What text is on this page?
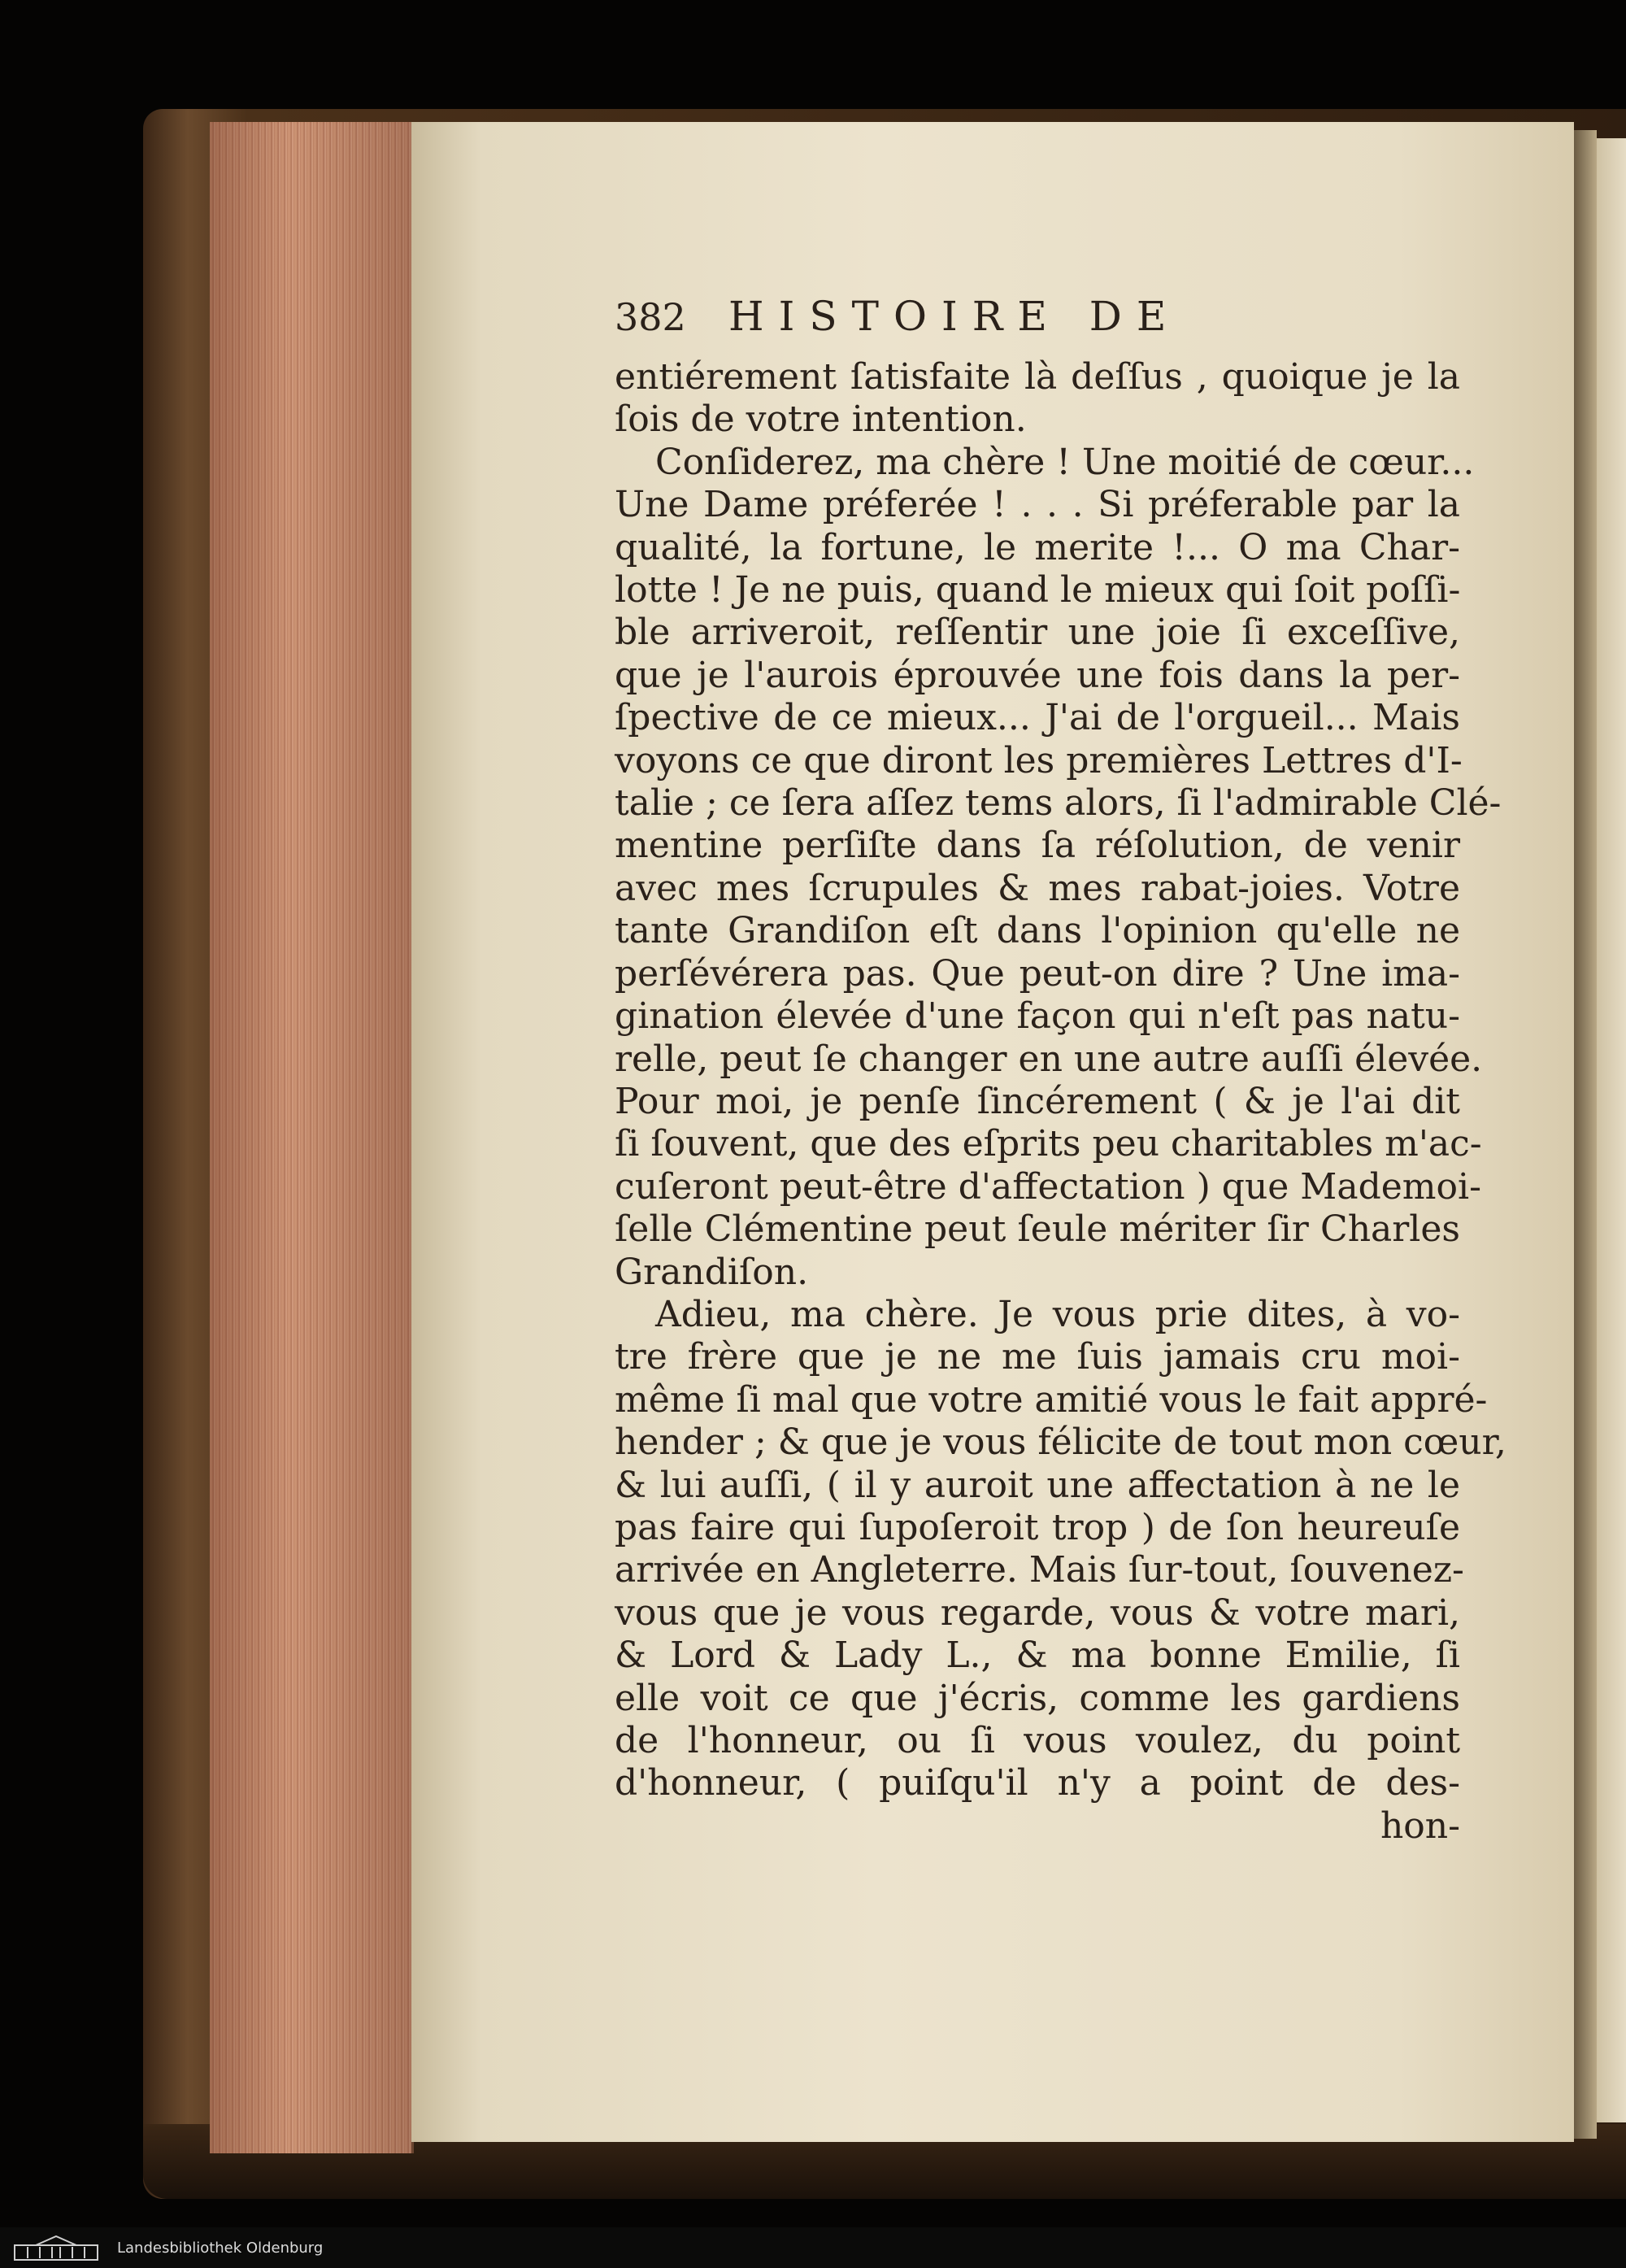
382	HISTOIRE DE
entiérement ſatisfaite là deſſus , quoique je la
ſois de votre intention.
Conſiderez, ma chère ! Une moitié de cœur...
Une Dame préferée ! . . . Si préferable par la
qualité, la fortune, le merite !... O ma Char-
lotte ! Je ne puis, quand le mieux qui ſoit poſſi-
ble arriveroit, reſſentir une joie ſi exceſſive,
que je l'aurois éprouvée une fois dans la per-
ſpective de ce mieux... J'ai de l'orgueil... Mais
voyons ce que diront les premières Lettres d'I-
talie ; ce ſera aſſez tems alors, ſi l'admirable Clé-
mentine perſiſte dans ſa réſolution, de venir
avec mes ſcrupules & mes rabat-joies. Votre
tante Grandiſon eſt dans l'opinion qu'elle ne
perſévérera pas. Que peut-on dire ? Une ima-
gination élevée d'une façon qui n'eſt pas natu-
relle, peut ſe changer en une autre auſſi élevée.
Pour moi, je penſe ſincérement ( & je l'ai dit
ſi ſouvent, que des eſprits peu charitables m'ac-
cuſeront peut-être d'affectation ) que Mademoi-
ſelle Clémentine peut ſeule mériter ſir Charles
Grandiſon.
Adieu, ma chère. Je vous prie dites, à vo-
tre frère que je ne me ſuis jamais cru moi-
même ſi mal que votre amitié vous le fait appré-
hender ; & que je vous félicite de tout mon cœur,
& lui auſſi, ( il y auroit une affectation à ne le
pas faire qui ſupoſeroit trop ) de ſon heureuſe
arrivée en Angleterre. Mais ſur-tout, ſouvenez-
vous que je vous regarde, vous & votre mari,
& Lord & Lady L., & ma bonne Emilie, ſi
elle voit ce que j'écris, comme les gardiens
de l'honneur, ou ſi vous voulez, du point
d'honneur, ( puiſqu'il n'y a point de des-
hon-
Landesbibliothek Oldenburg
